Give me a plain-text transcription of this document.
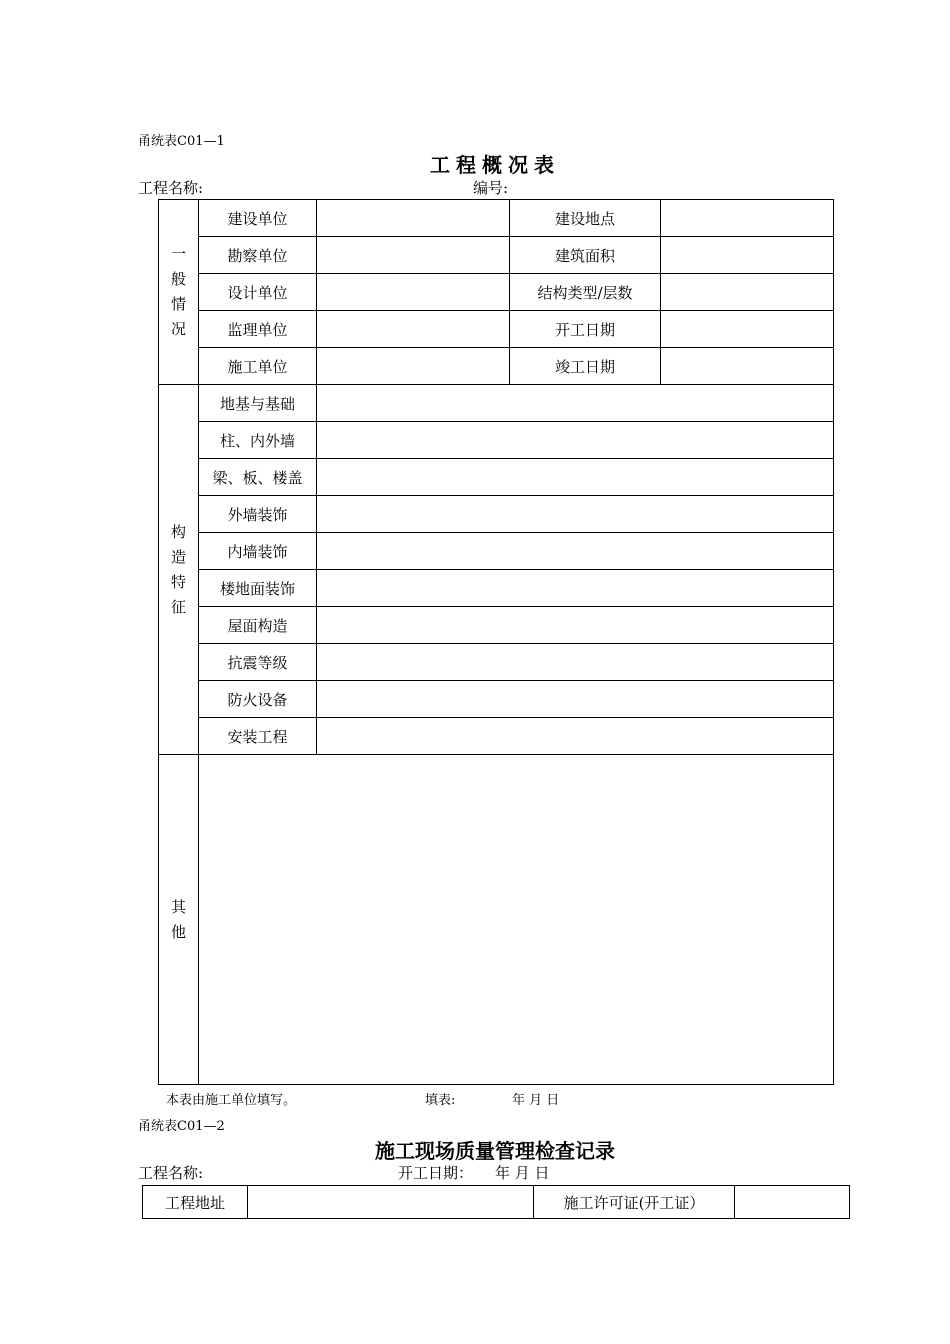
甬统表C01—1
工程概况表
工程名称:	编号:
一
般
情
况	建设单位		建设地点	
	勘察单位		建筑面积	
	设计单位		结构类型/层数	
	监理单位		开工日期	
	施工单位		竣工日期	

构
造
特
征	地基与基础			
	柱、内外墙			
	梁、板、楼盖			
	外墙装饰			
	内墙装饰			
	楼地面装饰			
	屋面构造			
	抗震等级			
	防火设备			
	安装工程			

其
他				

本表由施工单位填写。	填表:	年 月 日
甬统表C01—2
施工现场质量管理检查记录
工程名称:	开工日期： 年 月 日
工程地址		施工许可证(开工证）	
